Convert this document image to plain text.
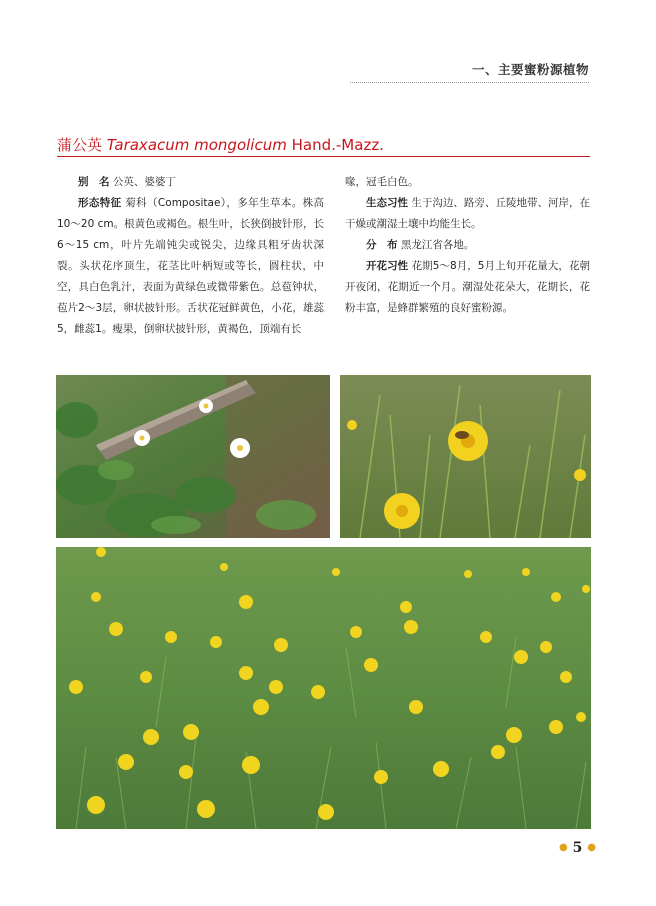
一、主要蜜粉源植物
蒲公英 Taraxacum mongolicum Hand.-Mazz.

别　名 公英、婆婆丁

形态特征 菊科（Compositae），多年生草本。株高10～20 cm。根黄色或褐色。根生叶，长狭倒披针形，长6～15 cm，叶片先端钝尖或锐尖，边缘具粗牙齿状深裂。头状花序顶生，花茎比叶柄短或等长，圆柱状，中空，具白色乳汁，表面为黄绿色或微带紫色。总苞钟状，苞片2～3层，卵状披针形。舌状花冠鲜黄色，小花，雄蕊5，雌蕊1。瘦果，倒卵状披针形，黄褐色，顶端有长

喙，冠毛白色。

生态习性 生于沟边、路旁、丘陵地带、河岸，在干燥或潮湿土壤中均能生长。

分　布 黑龙江省各地。

开花习性 花期5～8月，5月上旬开花量大，花朝开夜闭，花期近一个月。潮湿处花朵大，花期长，花粉丰富，是蜂群繁殖的良好蜜粉源。

● 5 ●
